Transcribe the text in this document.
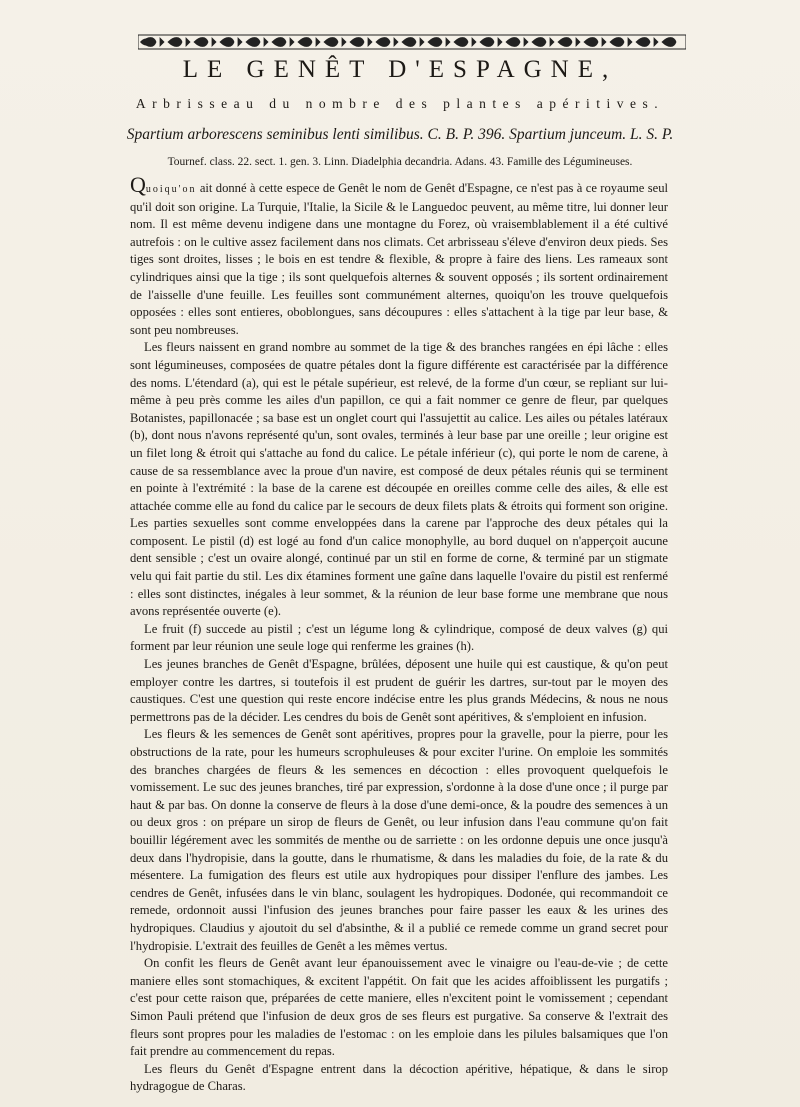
LE GENÊT D'ESPAGNE,

Arbrisseau du nombre des plantes apéritives.

Spartium arborescens seminibus lenti similibus. C. B. P. 396. Spartium junceum. L. S. P.

Tournef. class. 22. sect. 1. gen. 3. Linn. Diadelphia decandria. Adans. 43. Famille des Légumineuses.

Quoiqu'on ait donné à cette espece de Genêt le nom de Genêt d'Espagne, ce n'est pas à ce royaume seul qu'il doit son origine. La Turquie, l'Italie, la Sicile & le Languedoc peuvent, au même titre, lui donner leur nom. Il est même devenu indigene dans une montagne du Forez, où vraisemblablement il a été cultivé autrefois : on le cultive assez facilement dans nos climats. Cet arbrisseau s'éleve d'environ deux pieds. Ses tiges sont droites, lisses ; le bois en est tendre & flexible, & propre à faire des liens. Les rameaux sont cylindriques ainsi que la tige ; ils sont quelquefois alternes & souvent opposés ; ils sortent ordinairement de l'aisselle d'une feuille. Les feuilles sont communément alternes, quoiqu'on les trouve quelquefois opposées : elles sont entieres, oboblongues, sans découpures : elles s'attachent à la tige par leur base, & sont peu nombreuses.

Les fleurs naissent en grand nombre au sommet de la tige & des branches rangées en épi lâche : elles sont légumineuses, composées de quatre pétales dont la figure différente est caractérisée par la différence des noms. L'étendard (a), qui est le pétale supérieur, est relevé, de la forme d'un cœur, se repliant sur lui-même à peu près comme les ailes d'un papillon, ce qui a fait nommer ce genre de fleur, par quelques Botanistes, papillonacée ; sa base est un onglet court qui l'assujettit au calice. Les ailes ou pétales latéraux (b), dont nous n'avons représenté qu'un, sont ovales, terminés à leur base par une oreille ; leur origine est un filet long & étroit qui s'attache au fond du calice. Le pétale inférieur (c), qui porte le nom de carene, à cause de sa ressemblance avec la proue d'un navire, est composé de deux pétales réunis qui se terminent en pointe à l'extrémité : la base de la carene est découpée en oreilles comme celle des ailes, & elle est attachée comme elle au fond du calice par le secours de deux filets plats & étroits qui forment son origine. Les parties sexuelles sont comme enveloppées dans la carene par l'approche des deux pétales qui la composent. Le pistil (d) est logé au fond d'un calice monophylle, au bord duquel on n'apperçoit aucune dent sensible ; c'est un ovaire alongé, continué par un stil en forme de corne, & terminé par un stigmate velu qui fait partie du stil. Les dix étamines forment une gaîne dans laquelle l'ovaire du pistil est renfermé : elles sont distinctes, inégales à leur sommet, & la réunion de leur base forme une membrane que nous avons représentée ouverte (e).

Le fruit (f) succede au pistil ; c'est un légume long & cylindrique, composé de deux valves (g) qui forment par leur réunion une seule loge qui renferme les graines (h).

Les jeunes branches de Genêt d'Espagne, brûlées, déposent une huile qui est caustique, & qu'on peut employer contre les dartres, si toutefois il est prudent de guérir les dartres, sur-tout par le moyen des caustiques. C'est une question qui reste encore indécise entre les plus grands Médecins, & nous ne nous permettrons pas de la décider. Les cendres du bois de Genêt sont apéritives, & s'emploient en infusion.

Les fleurs & les semences de Genêt sont apéritives, propres pour la gravelle, pour la pierre, pour les obstructions de la rate, pour les humeurs scrophuleuses & pour exciter l'urine. On emploie les sommités des branches chargées de fleurs & les semences en décoction : elles provoquent quelquefois le vomissement. Le suc des jeunes branches, tiré par expression, s'ordonne à la dose d'une once ; il purge par haut & par bas. On donne la conserve de fleurs à la dose d'une demi-once, & la poudre des semences à un ou deux gros : on prépare un sirop de fleurs de Genêt, ou leur infusion dans l'eau commune qu'on fait bouillir légérement avec les sommités de menthe ou de sarriette : on les ordonne depuis une once jusqu'à deux dans l'hydropisie, dans la goutte, dans le rhumatisme, & dans les maladies du foie, de la rate & du mésentere. La fumigation des fleurs est utile aux hydropiques pour dissiper l'enflure des jambes. Les cendres de Genêt, infusées dans le vin blanc, soulagent les hydropiques. Dodonée, qui recommandoit ce remede, ordonnoit aussi l'infusion des jeunes branches pour faire passer les eaux & les urines des hydropiques. Claudius y ajoutoit du sel d'absinthe, & il a publié ce remede comme un grand secret pour l'hydropisie. L'extrait des feuilles de Genêt a les mêmes vertus.

On confit les fleurs de Genêt avant leur épanouissement avec le vinaigre ou l'eau-de-vie ; de cette maniere elles sont stomachiques, & excitent l'appétit. On fait que les acides affoiblissent les purgatifs ; c'est pour cette raison que, préparées de cette maniere, elles n'excitent point le vomissement ; cependant Simon Pauli prétend que l'infusion de deux gros de ses fleurs est purgative. Sa conserve & l'extrait des fleurs sont propres pour les maladies de l'estomac : on les emploie dans les pilules balsamiques que l'on fait prendre au commencement du repas.

Les fleurs du Genêt d'Espagne entrent dans la décoction apéritive, hépatique, & dans le sirop hydragogue de Charas.
